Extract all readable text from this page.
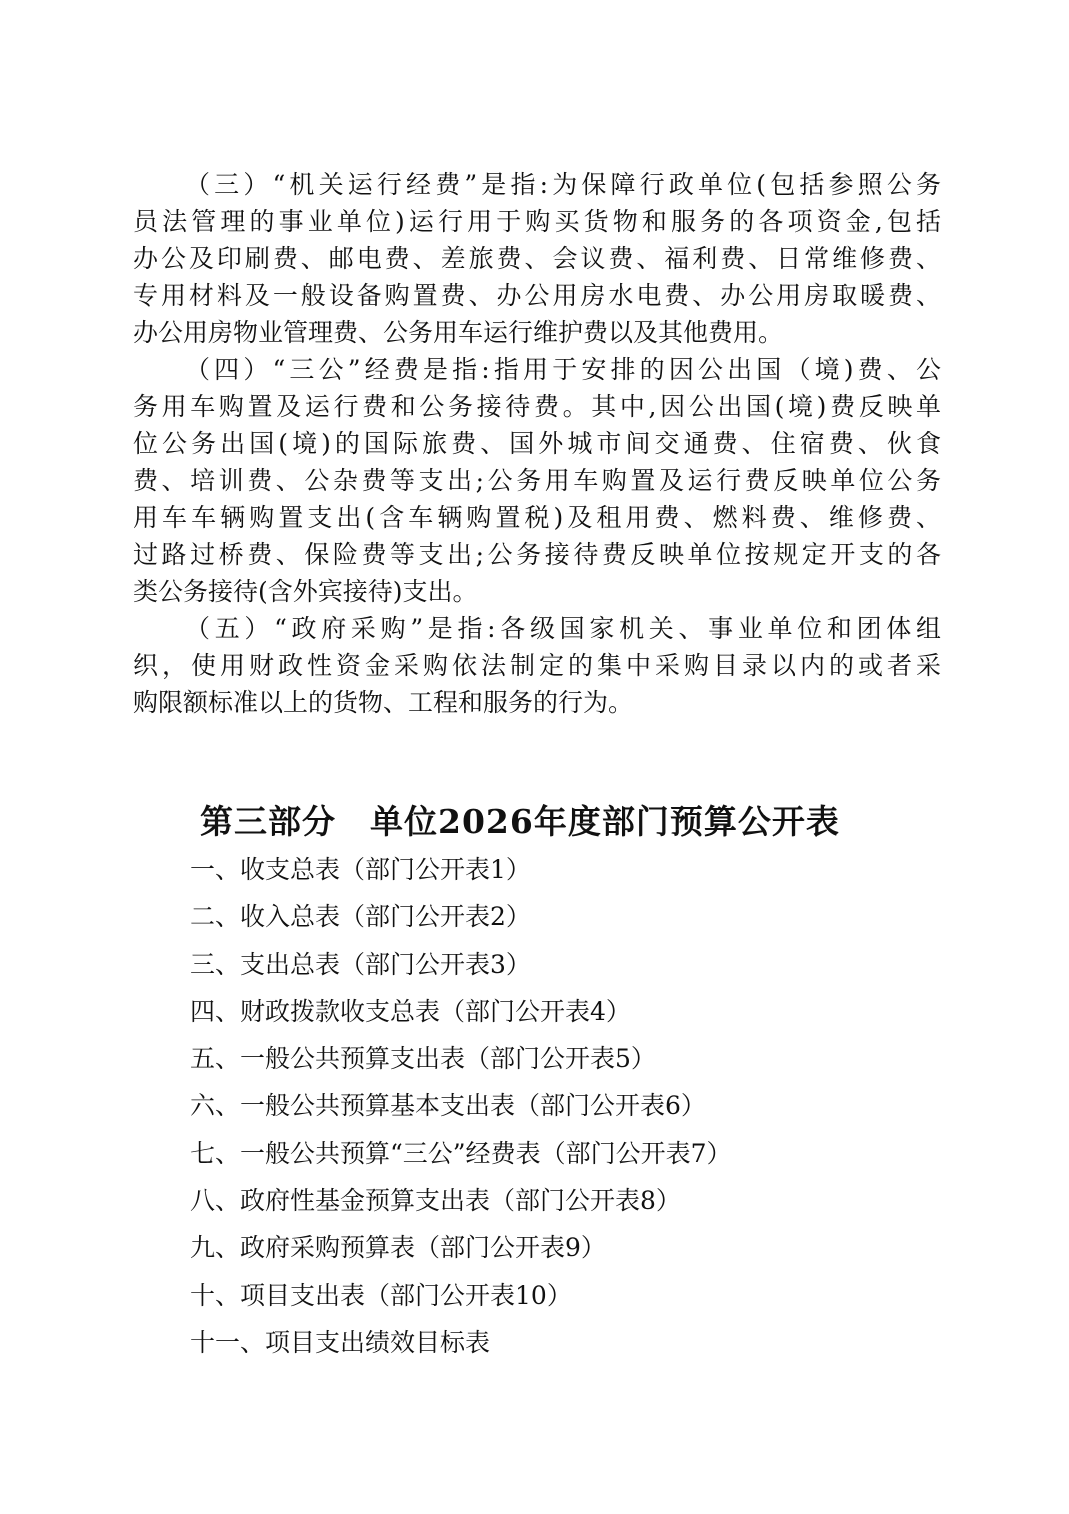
（三）“机关运行经费”是指:为保障行政单位(包括参照公务
员法管理的事业单位)运行用于购买货物和服务的各项资金,包括
办公及印刷费、邮电费、差旅费、会议费、福利费、日常维修费、
专用材料及一般设备购置费、办公用房水电费、办公用房取暖费、
办公用房物业管理费、公务用车运行维护费以及其他费用。
（四）“三公”经费是指:指用于安排的因公出国（境)费、公
务用车购置及运行费和公务接待费。其中,因公出国(境)费反映单
位公务出国(境)的国际旅费、国外城市间交通费、住宿费、伙食
费、培训费、公杂费等支出;公务用车购置及运行费反映单位公务
用车车辆购置支出(含车辆购置税)及租用费、燃料费、维修费、
过路过桥费、保险费等支出;公务接待费反映单位按规定开支的各
类公务接待(含外宾接待)支出。
（五）“政府采购”是指:各级国家机关、事业单位和团体组
织，使用财政性资金采购依法制定的集中采购目录以内的或者采
购限额标准以上的货物、工程和服务的行为。
第三部分　单位2026年度部门预算公开表
一、收支总表（部门公开表1）
二、收入总表（部门公开表2）
三、支出总表（部门公开表3）
四、财政拨款收支总表（部门公开表4）
五、一般公共预算支出表（部门公开表5）
六、一般公共预算基本支出表（部门公开表6）
七、一般公共预算“三公”经费表（部门公开表7）
八、政府性基金预算支出表（部门公开表8）
九、政府采购预算表（部门公开表9）
十、项目支出表（部门公开表10）
十一、项目支出绩效目标表
